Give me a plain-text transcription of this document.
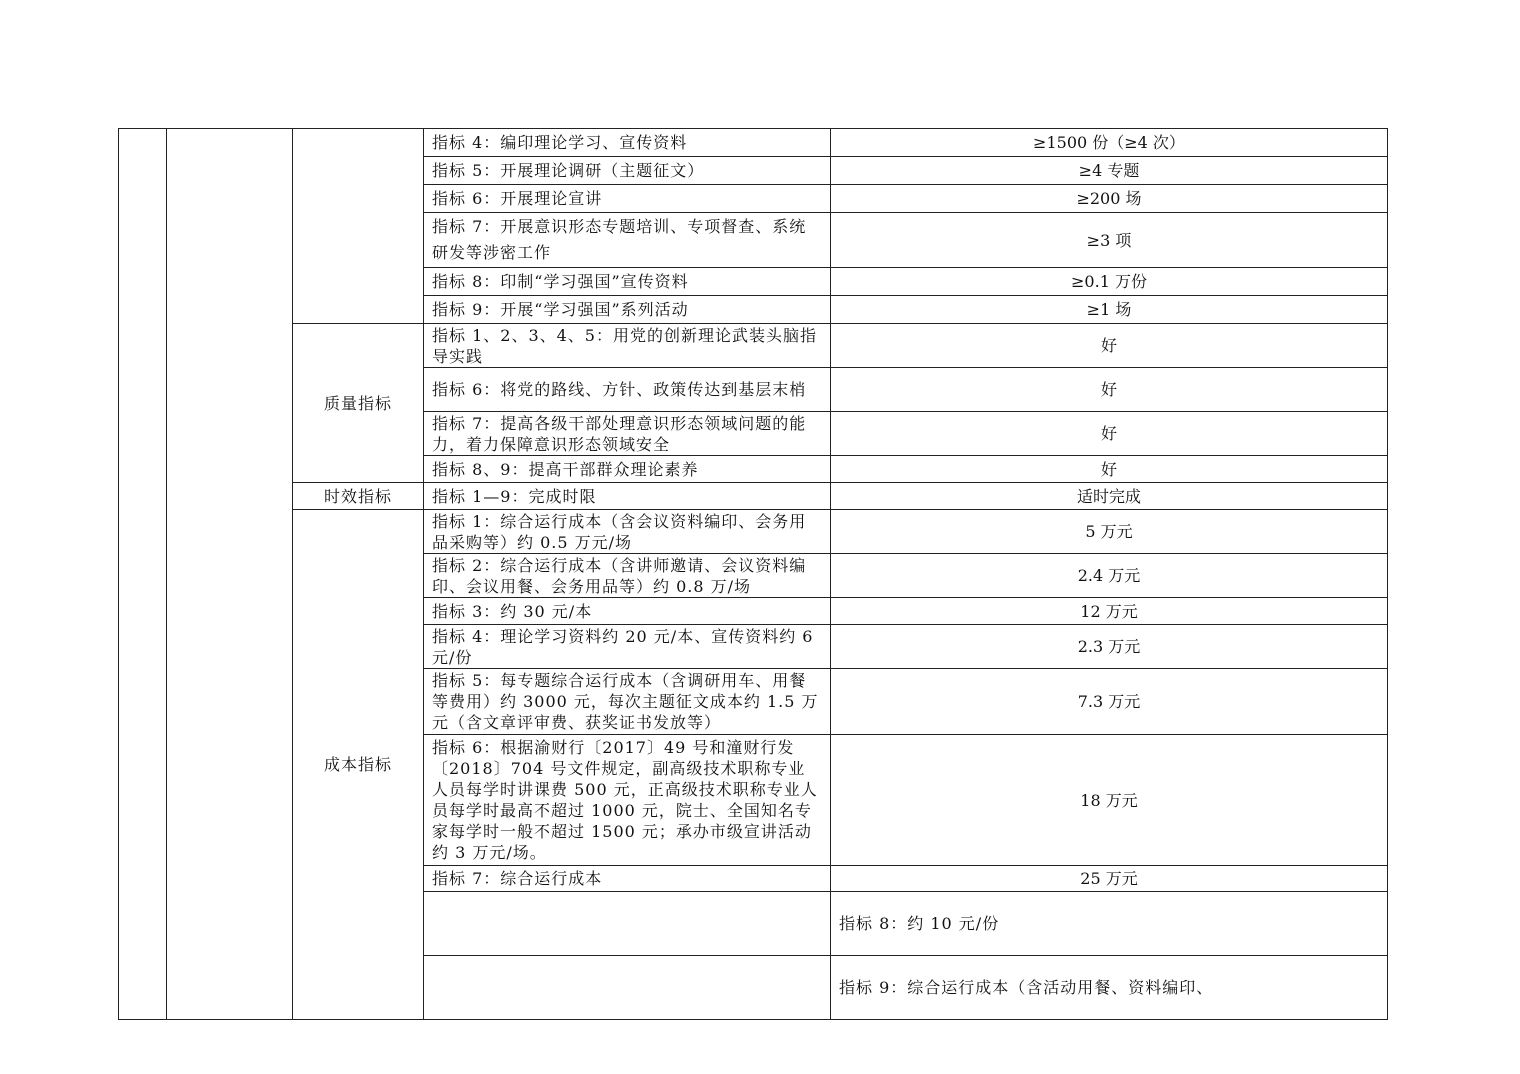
			指标 4：编印理论学习、宣传资料	≥1500 份（≥4 次）	
			指标 5：开展理论调研（主题征文）	≥4 专题	
			指标 6：开展理论宣讲	≥200 场	
			指标 7：开展意识形态专题培训、专项督查、系统研发等涉密工作	≥3 项	
			指标 8：印制“学习强国”宣传资料	≥0.1 万份	
			指标 9：开展“学习强国”系列活动	≥1 场	
		质量指标	指标 1、2、3、4、5：用党的创新理论武装头脑指导实践	好	
			指标 6：将党的路线、方针、政策传达到基层末梢	好	
			指标 7：提高各级干部处理意识形态领域问题的能力，着力保障意识形态领域安全	好	
			指标 8、9：提高干部群众理论素养	好	
		时效指标	指标 1—9：完成时限	适时完成	
		成本指标	指标 1：综合运行成本（含会议资料编印、会务用品采购等）约 0.5 万元/场	5 万元	
			指标 2：综合运行成本（含讲师邀请、会议资料编印、会议用餐、会务用品等）约 0.8 万/场	2.4 万元	
			指标 3：约 30 元/本	12 万元	
			指标 4：理论学习资料约 20 元/本、宣传资料约 6 元/份	2.3 万元	
			指标 5：每专题综合运行成本（含调研用车、用餐等费用）约 3000 元，每次主题征文成本约 1.5 万元（含文章评审费、获奖证书发放等）	7.3 万元	
			指标 6：根据渝财行〔2017〕49 号和潼财行发〔2018〕704 号文件规定，副高级技术职称专业人员每学时讲课费 500 元，正高级技术职称专业人员每学时最高不超过 1000 元，院士、全国知名专家每学时一般不超过 1500 元；承办市级宣讲活动约 3 万元/场。	18 万元	
			指标 7：综合运行成本	25 万元	
				指标 8：约 10 元/份	
				指标 9：综合运行成本（含活动用餐、资料编印、	
